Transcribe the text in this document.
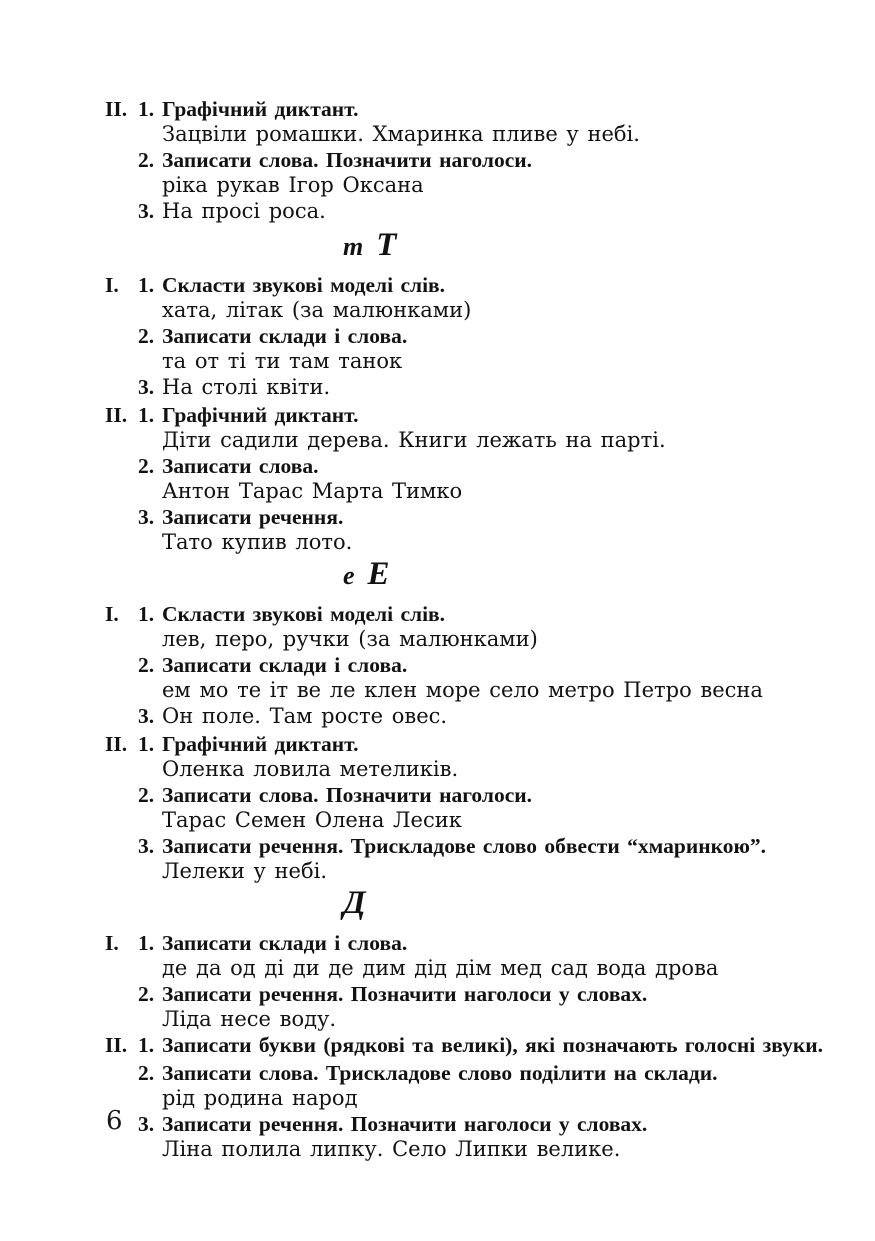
II. 1. Графічний диктант.
Зацвіли ромашки. Хмаринка пливе у небі.
2. Записати слова. Позначити наголоси.
ріка рукав Ігор Оксана
3. На просі роса.
т Т
I. 1. Скласти звукові моделі слів.
хата, літак (за малюнками)
2. Записати склади і слова.
та от ті ти там танок
3. На столі квіти.
II. 1. Графічний диктант.
Діти садили дерева. Книги лежать на парті.
2. Записати слова.
Антон Тарас Марта Тимко
3. Записати речення.
Тато купив лото.
е Е
I. 1. Скласти звукові моделі слів.
лев, перо, ручки (за малюнками)
2. Записати склади і слова.
ем мо те іт ве ле клен море село метро Петро весна
3. Он поле. Там росте овес.
II. 1. Графічний диктант.
Оленка ловила метеликів.
2. Записати слова. Позначити наголоси.
Тарас Семен Олена Лесик
3. Записати речення. Трискладове слово обвести “хмаринкою”.
Лелеки у небі.
Д
I. 1. Записати склади і слова.
де да од ді ди де дим дід дім мед сад вода дрова
2. Записати речення. Позначити наголоси у словах.
Ліда несе воду.
II. 1. Записати букви (рядкові та великі), які позначають голосні звуки.
2. Записати слова. Трискладове слово поділити на склади.
рід родина народ
3. Записати речення. Позначити наголоси у словах.
Ліна полила липку. Село Липки велике.
6
